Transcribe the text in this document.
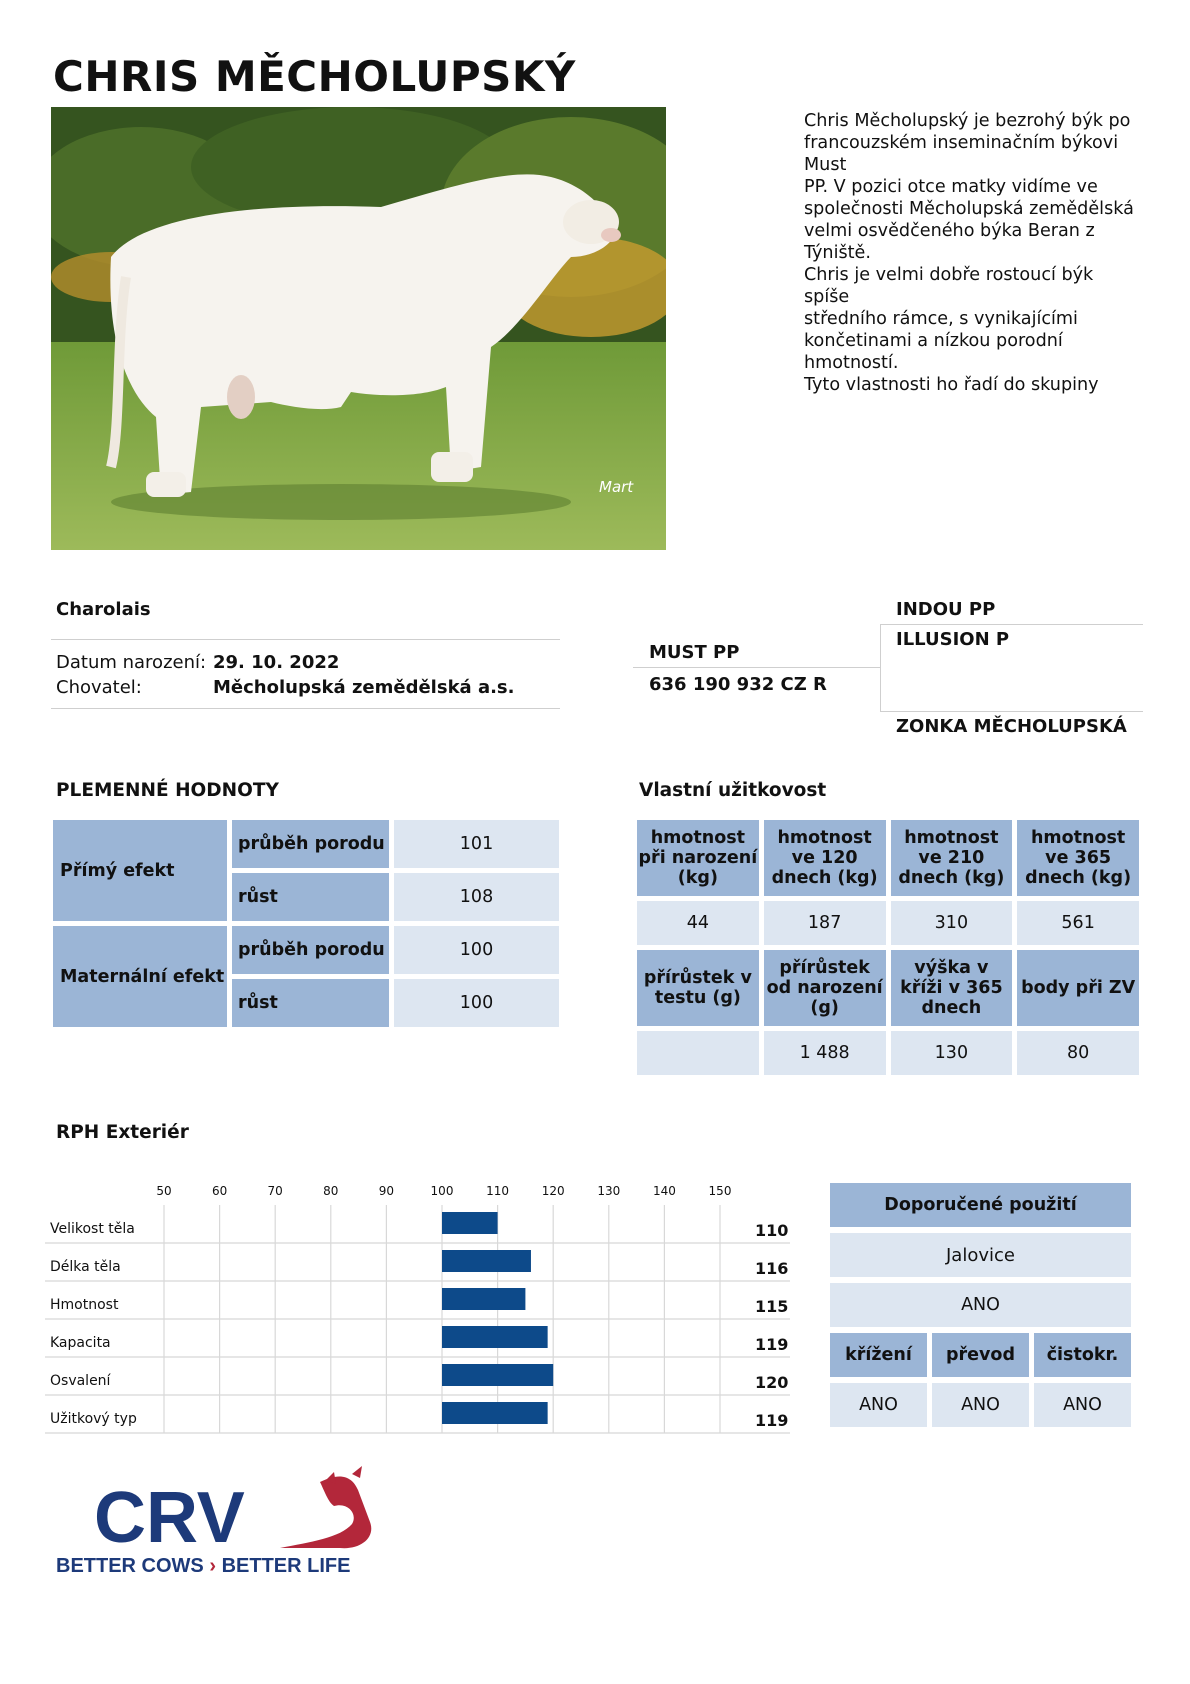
CHRIS MĚCHOLUPSKÝ
Mart
Chris Měcholupský je bezrohý býk po
francouzském inseminačním býkovi
Must
PP. V pozici otce matky vidíme ve
společnosti Měcholupská zemědělská
velmi osvědčeného býka Beran z
Týniště.
Chris je velmi dobře rostoucí býk
spíše
středního rámce, s vynikajícími
končetinami a nízkou porodní
hmotností.
Tyto vlastnosti ho řadí do skupiny
Charolais
Datum narození: 29. 10. 2022
Chovatel:	Měcholupská zemědělská a.s.
INDOU PP
ILLUSION P
MUST PP
636 190 932 CZ R
ZONKA MĚCHOLUPSKÁ
PLEMENNÉ HODNOTY
Přímý efekt	průběh porodu	101
	růst	108
Maternální efekt	průběh porodu	100
	růst	100
Vlastní užitkovost
hmotnost při narození (kg)	hmotnost ve 120 dnech (kg)	hmotnost ve 210 dnech (kg)	hmotnost ve 365 dnech (kg)
44	187	310	561
přírůstek v testu (g)	přírůstek od narození (g)	výška v kříži v 365 dnech	body při ZV
	1 488	130	80
RPH Exteriér
50	60	70	80	90	100	110	120	130	140	150
Velikost těla	110
Délka těla	116
Hmotnost	115
Kapacita	119
Osvalení	120
Užitkový typ	119
Doporučené použití
Jalovice
ANO
křížení	převod	čistokr.
ANO	ANO	ANO
CRV
BETTER COWS › BETTER LIFE
